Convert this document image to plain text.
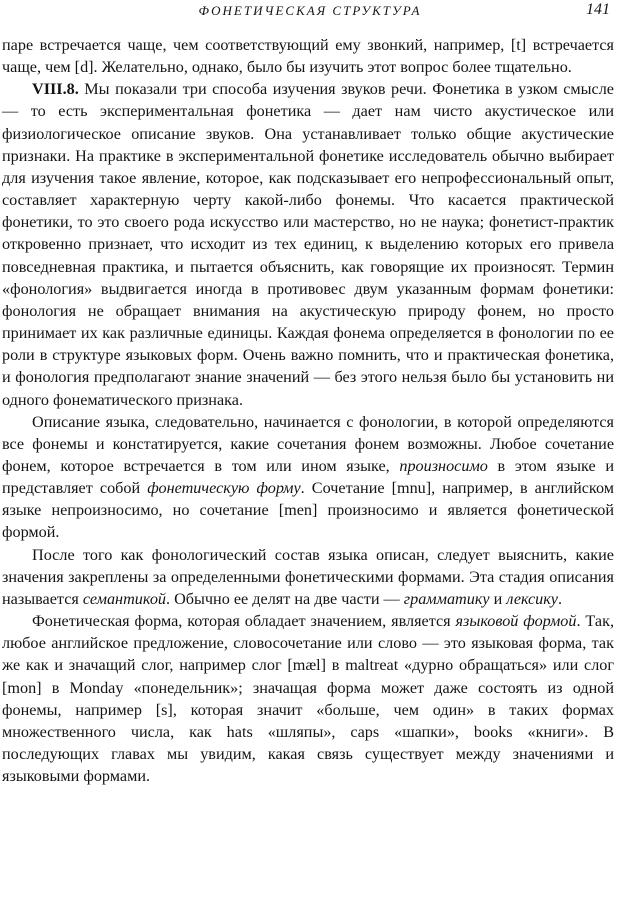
ФОНЕТИЧЕСКАЯ СТРУКТУРА	141

паре встречается чаще, чем соответствующий ему звонкий, например, [t] встречается чаще, чем [d]. Желательно, однако, было бы изучить этот вопрос более тщательно.

VIII.8. Мы показали три способа изучения звуков речи. Фонетика в узком смысле — то есть экспериментальная фонетика — дает нам чисто акустическое или физиологическое описание звуков. Она устанавливает только общие акустические признаки. На практике в экспериментальной фонетике исследователь обычно выбирает для изучения такое явление, которое, как подсказывает его непрофессиональный опыт, составляет характерную черту какой-либо фонемы. Что касается практической фонетики, то это своего рода искусство или мастерство, но не наука; фонетист-практик откровенно признает, что исходит из тех единиц, к выделению которых его привела повседневная практика, и пытается объяснить, как говорящие их произносят. Термин «фонология» выдвигается иногда в противовес двум указанным формам фонетики: фонология не обращает внимания на акустическую природу фонем, но просто принимает их как различные единицы. Каждая фонема определяется в фонологии по ее роли в структуре языковых форм. Очень важно помнить, что и практическая фонетика, и фонология предполагают знание значений — без этого нельзя было бы установить ни одного фонематического признака.

Описание языка, следовательно, начинается с фонологии, в которой определяются все фонемы и констатируется, какие сочетания фонем возможны. Любое сочетание фонем, которое встречается в том или ином языке, произносимо в этом языке и представляет собой фонетическую форму. Сочетание [mnu], например, в английском языке непроизносимо, но сочетание [men] произносимо и является фонетической формой.

После того как фонологический состав языка описан, следует выяснить, какие значения закреплены за определенными фонетическими формами. Эта стадия описания называется семантикой. Обычно ее делят на две части — грамматику и лексику.

Фонетическая форма, которая обладает значением, является языковой формой. Так, любое английское предложение, словосочетание или слово — это языковая форма, так же как и значащий слог, например слог [mæl] в maltreat «дурно обращаться» или слог [mon] в Monday «понедельник»; значащая форма может даже состоять из одной фонемы, например [s], которая значит «больше, чем один» в таких формах множественного числа, как hats «шляпы», caps «шапки», books «книги». В последующих главах мы увидим, какая связь существует между значениями и языковыми формами.
